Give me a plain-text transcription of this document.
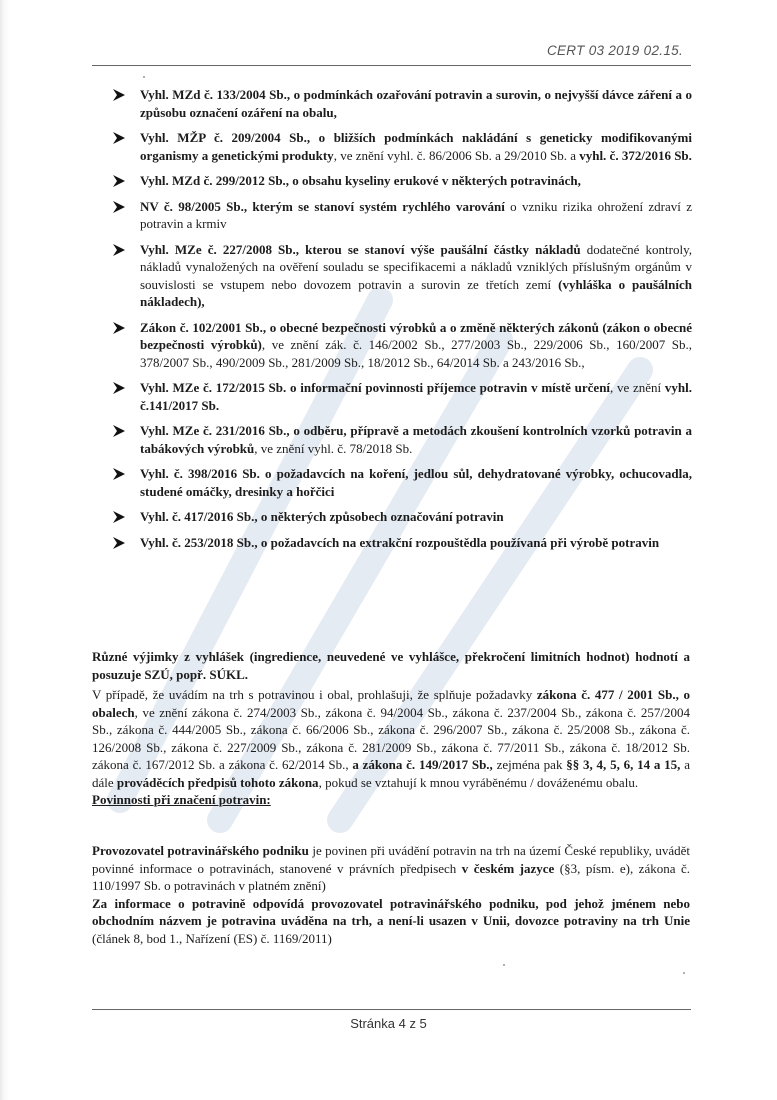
CERT 03 2019 02.15.
Vyhl. MZd č. 133/2004 Sb., o podmínkách ozařování potravin a surovin, o nejvyšší dávce záření a o způsobu označení ozáření na obalu,
Vyhl. MŽP č. 209/2004 Sb., o bližších podmínkách nakládání s geneticky modifikovanými organismy a genetickými produkty, ve znění vyhl. č. 86/2006 Sb. a 29/2010 Sb. a vyhl. č. 372/2016 Sb.
Vyhl. MZd č. 299/2012 Sb., o obsahu kyseliny erukové v některých potravinách,
NV č. 98/2005 Sb., kterým se stanoví systém rychlého varování o vzniku rizika ohrožení zdraví z potravin a krmiv
Vyhl. MZe č. 227/2008 Sb., kterou se stanoví výše paušální částky nákladů dodatečné kontroly, nákladů vynaložených na ověření souladu se specifikacemi a nákladů vzniklých příslušným orgánům v souvislosti se vstupem nebo dovozem potravin a surovin ze třetích zemí (vyhláška o paušálních nákladech),
Zákon č. 102/2001 Sb., o obecné bezpečnosti výrobků a o změně některých zákonů (zákon o obecné bezpečnosti výrobků), ve znění zák. č. 146/2002 Sb., 277/2003 Sb., 229/2006 Sb., 160/2007 Sb., 378/2007 Sb., 490/2009 Sb., 281/2009 Sb., 18/2012 Sb., 64/2014 Sb. a 243/2016 Sb.,
Vyhl. MZe č. 172/2015 Sb. o informační povinnosti příjemce potravin v místě určení, ve znění vyhl. č.141/2017 Sb.
Vyhl. MZe č. 231/2016 Sb., o odběru, přípravě a metodách zkoušení kontrolních vzorků potravin a tabákových výrobků, ve znění vyhl. č. 78/2018 Sb.
Vyhl. č. 398/2016 Sb. o požadavcích na koření, jedlou sůl, dehydratované výrobky, ochucovadla, studené omáčky, dresinky a hořčici
Vyhl. č. 417/2016 Sb., o některých způsobech označování potravin
Vyhl. č. 253/2018 Sb., o požadavcích na extrakční rozpouštědla používaná při výrobě potravin

Různé výjimky z vyhlášek (ingredience, neuvedené ve vyhlášce, překročení limitních hodnot) hodnotí a posuzuje SZÚ, popř. SÚKL.

V případě, že uvádím na trh s potravinou i obal, prohlašuji, že splňuje požadavky zákona č. 477 / 2001 Sb., o obalech, ve znění zákona č. 274/2003 Sb., zákona č. 94/2004 Sb., zákona č. 237/2004 Sb., zákona č. 257/2004 Sb., zákona č. 444/2005 Sb., zákona č. 66/2006 Sb., zákona č. 296/2007 Sb., zákona č. 25/2008 Sb., zákona č. 126/2008 Sb., zákona č. 227/2009 Sb., zákona č. 281/2009 Sb., zákona č. 77/2011 Sb., zákona č. 18/2012 Sb. zákona č. 167/2012 Sb. a zákona č. 62/2014 Sb., a zákona č. 149/2017 Sb., zejména pak §§ 3, 4, 5, 6, 14 a 15, a dále prováděcích předpisů tohoto zákona, pokud se vztahují k mnou vyráběnému / dováženému obalu.

Povinnosti při značení potravin:

Provozovatel potravinářského podniku je povinen při uvádění potravin na trh na území České republiky, uvádět povinné informace o potravinách, stanovené v právních předpisech v českém jazyce (§3, písm. e), zákona č. 110/1997 Sb. o potravinách v platném znění)

Za informace o potravině odpovídá provozovatel potravinářského podniku, pod jehož jménem nebo obchodním názvem je potravina uváděna na trh, a není-li usazen v Unii, dovozce potraviny na trh Unie (článek 8, bod 1., Nařízení (ES) č. 1169/2011)

Stránka 4 z 5
